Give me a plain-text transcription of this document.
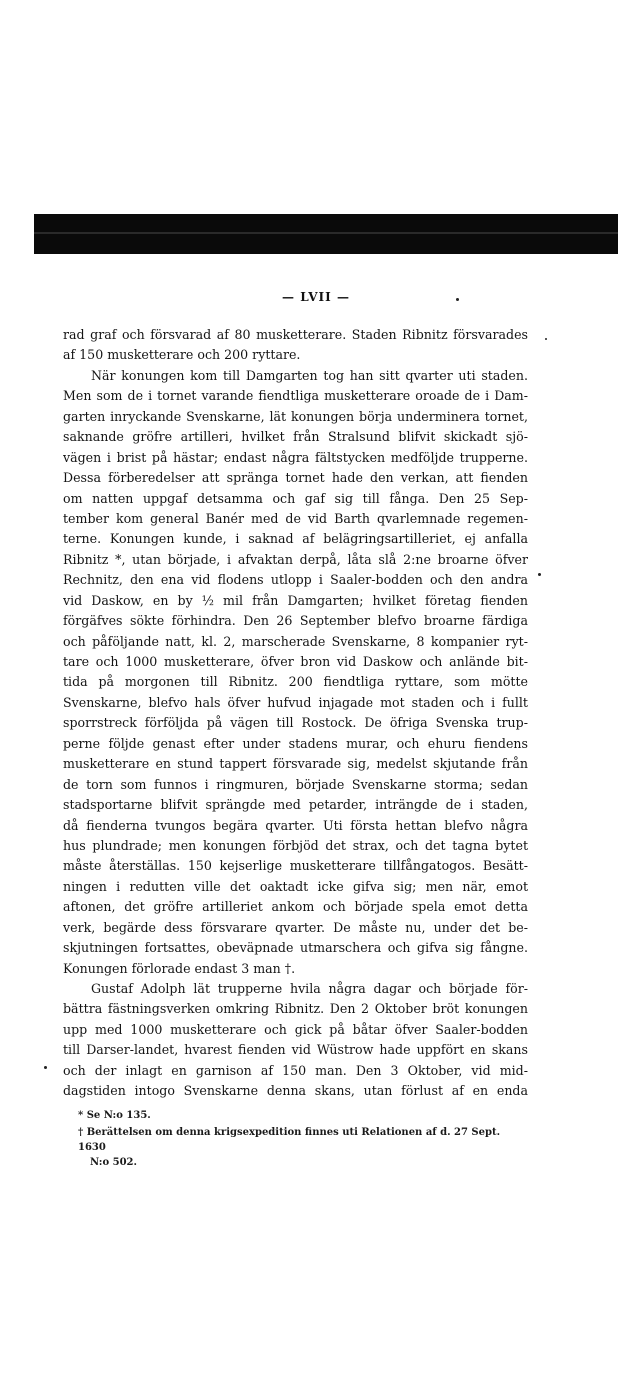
— LVII —
rad graf och försvarad af 80 musketterare. Staden Ribnitz försvarades
af 150 musketterare och 200 ryttare.
När konungen kom till Damgarten tog han sitt qvarter uti staden.
Men som de i tornet varande fiendtliga musketterare oroade de i Dam-
garten inryckande Svenskarne, lät konungen börja underminera tornet,
saknande gröfre artilleri, hvilket från Stralsund blifvit skickadt sjö-
vägen i brist på hästar; endast några fältstycken medföljde trupperne.
Dessa förberedelser att spränga tornet hade den verkan, att fienden
om natten uppgaf detsamma och gaf sig till fånga. Den 25 Sep-
tember kom general Banér med de vid Barth qvarlemnade regemen-
terne. Konungen kunde, i saknad af belägringsartilleriet, ej anfalla
Ribnitz *, utan började, i afvaktan derpå, låta slå 2:ne broarne öfver
Rechnitz, den ena vid flodens utlopp i Saaler-bodden och den andra
vid Daskow, en by ½ mil från Damgarten; hvilket företag fienden
förgäfves sökte förhindra. Den 26 September blefvo broarne färdiga
och påföljande natt, kl. 2, marscherade Svenskarne, 8 kompanier ryt-
tare och 1000 musketterare, öfver bron vid Daskow och anlände bit-
tida på morgonen till Ribnitz. 200 fiendtliga ryttare, som mötte
Svenskarne, blefvo hals öfver hufvud injagade mot staden och i fullt
sporrstreck förföljda på vägen till Rostock. De öfriga Svenska trup-
perne följde genast efter under stadens murar, och ehuru fiendens
musketterare en stund tappert försvarade sig, medelst skjutande från
de torn som funnos i ringmuren, började Svenskarne storma; sedan
stadsportarne blifvit sprängde med petarder, inträngde de i staden,
då fienderna tvungos begära qvarter. Uti första hettan blefvo några
hus plundrade; men konungen förbjöd det strax, och det tagna bytet
måste återställas. 150 kejserlige musketterare tillfångatogos. Besätt-
ningen i redutten ville det oaktadt icke gifva sig; men när, emot
aftonen, det gröfre artilleriet ankom och började spela emot detta
verk, begärde dess försvarare qvarter. De måste nu, under det be-
skjutningen fortsattes, obeväpnade utmarschera och gifva sig fångne.
Konungen förlorade endast 3 man †.
Gustaf Adolph lät trupperne hvila några dagar och började för-
bättra fästningsverken omkring Ribnitz. Den 2 Oktober bröt konungen
upp med 1000 musketterare och gick på båtar öfver Saaler-bodden
till Darser-landet, hvarest fienden vid Wüstrow hade uppfört en skans
och der inlagt en garnison af 150 man. Den 3 Oktober, vid mid-
dagstiden intogo Svenskarne denna skans, utan förlust af en enda
* Se N:o 135.
† Berättelsen om denna krigsexpedition finnes uti Relationen af d. 27 Sept. 1630
N:o 502.
